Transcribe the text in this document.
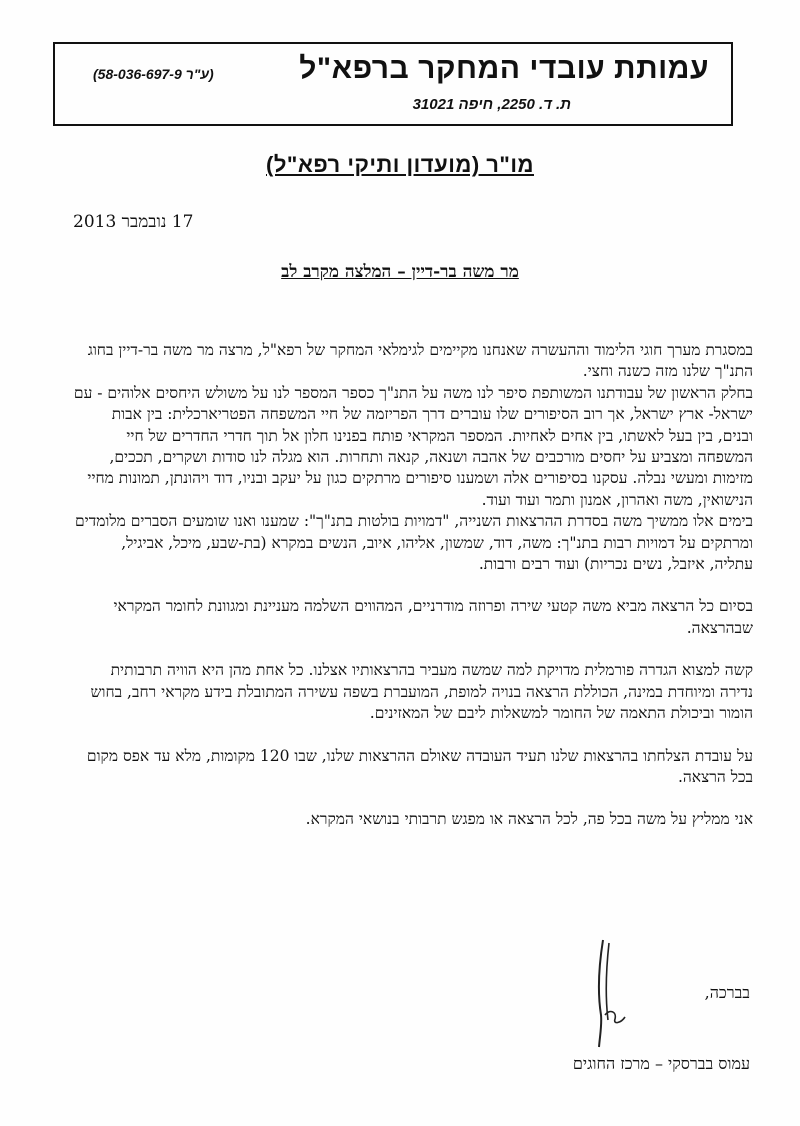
עמותת עובדי המחקר ברפא"ל
(ע"ר 58-036-697-9)
ת. ד. 2250, חיפה 31021
מו"ר (מועדון ותיקי רפא"ל)
17 נובמבר 2013
מר משה בר-דיין – המלצה מקרב לב

במסגרת מערך חוגי הלימוד וההעשרה שאנחנו מקיימים לגימלאי המחקר של רפא"ל, מרצה מר משה בר-דיין בחוג התנ"ך שלנו מזה כשנה וחצי.

בחלק הראשון של עבודתנו המשותפת סיפר לנו משה על התנ"ך כספר המספר לנו על משולש היחסים אלוהים - עם ישראל- ארץ ישראל, אך רוב הסיפורים שלו עוברים דרך הפריזמה של חיי המשפחה הפטריארכלית: בין אבות ובנים, בין בעל לאשתו, בין אחים לאחיות. המספר המקראי פותח בפנינו חלון אל תוך חדרי החדרים של חיי המשפחה ומצביע על יחסים מורכבים של אהבה ושנאה, קנאה ותחרות. הוא מגלה לנו סודות ושקרים, תככים, מזימות ומעשי נבלה. עסקנו בסיפורים אלה ושמענו סיפורים מרתקים כגון על יעקב ובניו, דוד ויהונתן, תמונות מחיי הנישואין, משה ואהרון, אמנון ותמר ועוד ועוד.

בימים אלו ממשיך משה בסדרת ההרצאות השנייה, "דמויות בולטות בתנ"ך": שמענו ואנו שומעים הסברים מלומדים ומרתקים על דמויות רבות בתנ"ך: משה, דוד, שמשון, אליהו, איוב, הנשים במקרא (בת-שבע, מיכל, אביגיל, עתליה, איזבל, נשים נכריות) ועוד רבים ורבות.

בסיום כל הרצאה מביא משה קטעי שירה ופרוזה מודרניים, המהווים השלמה מעניינת ומגוונת לחומר המקראי שבהרצאה.

קשה למצוא הגדרה פורמלית מדויקת למה שמשה מעביר בהרצאותיו אצלנו. כל אחת מהן היא הוויה תרבותית נדירה ומיוחדת במינה, הכוללת הרצאה בנויה למופת, המועברת בשפה עשירה המתובלת בידע מקראי רחב, בחוש הומור וביכולת התאמה של החומר למשאלות ליבם של המאזינים.

על עובדת הצלחתו בהרצאות שלנו תעיד העובדה שאולם ההרצאות שלנו, שבו 120 מקומות, מלא עד אפס מקום בכל הרצאה.

אני ממליץ על משה בכל פה, לכל הרצאה או מפגש תרבותי בנושאי המקרא.

בברכה,
עמוס בברסקי – מרכז החוגים
